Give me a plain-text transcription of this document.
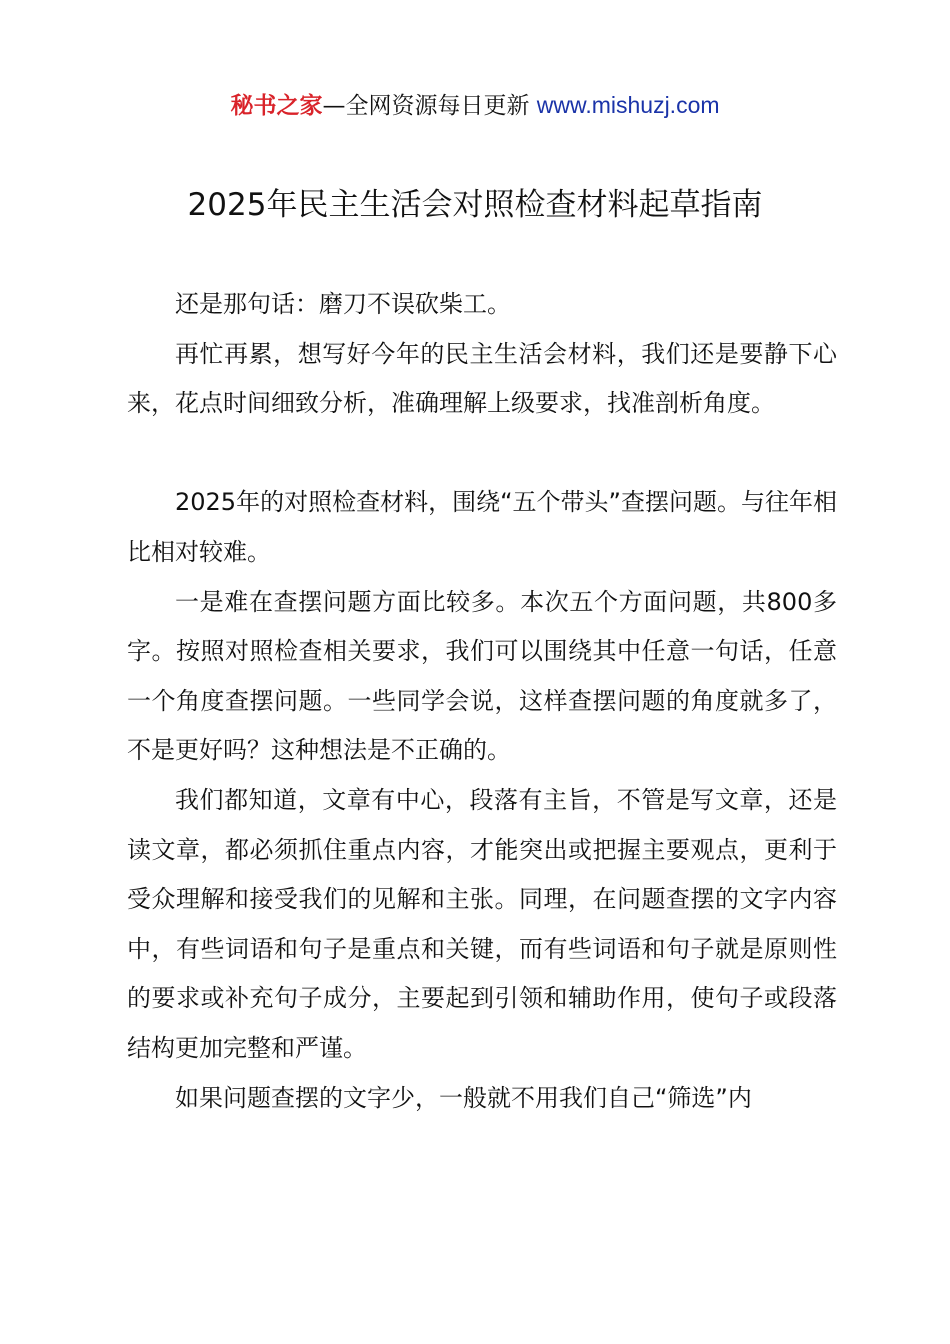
秘书之家—全网资源每日更新 www.mishuzj.com
2025年民主生活会对照检查材料起草指南

还是那句话：磨刀不误砍柴工。

再忙再累，想写好今年的民主生活会材料，我们还是要静下心来，花点时间细致分析，准确理解上级要求，找准剖析角度。

2025年的对照检查材料，围绕“五个带头”查摆问题。与往年相比相对较难。

一是难在查摆问题方面比较多。本次五个方面问题，共800多字。按照对照检查相关要求，我们可以围绕其中任意一句话，任意一个角度查摆问题。一些同学会说，这样查摆问题的角度就多了，不是更好吗？这种想法是不正确的。

我们都知道，文章有中心，段落有主旨，不管是写文章，还是读文章，都必须抓住重点内容，才能突出或把握主要观点，更利于受众理解和接受我们的见解和主张。同理，在问题查摆的文字内容中，有些词语和句子是重点和关键，而有些词语和句子就是原则性的要求或补充句子成分，主要起到引领和辅助作用，使句子或段落结构更加完整和严谨。

如果问题查摆的文字少，一般就不用我们自己“筛选”内
